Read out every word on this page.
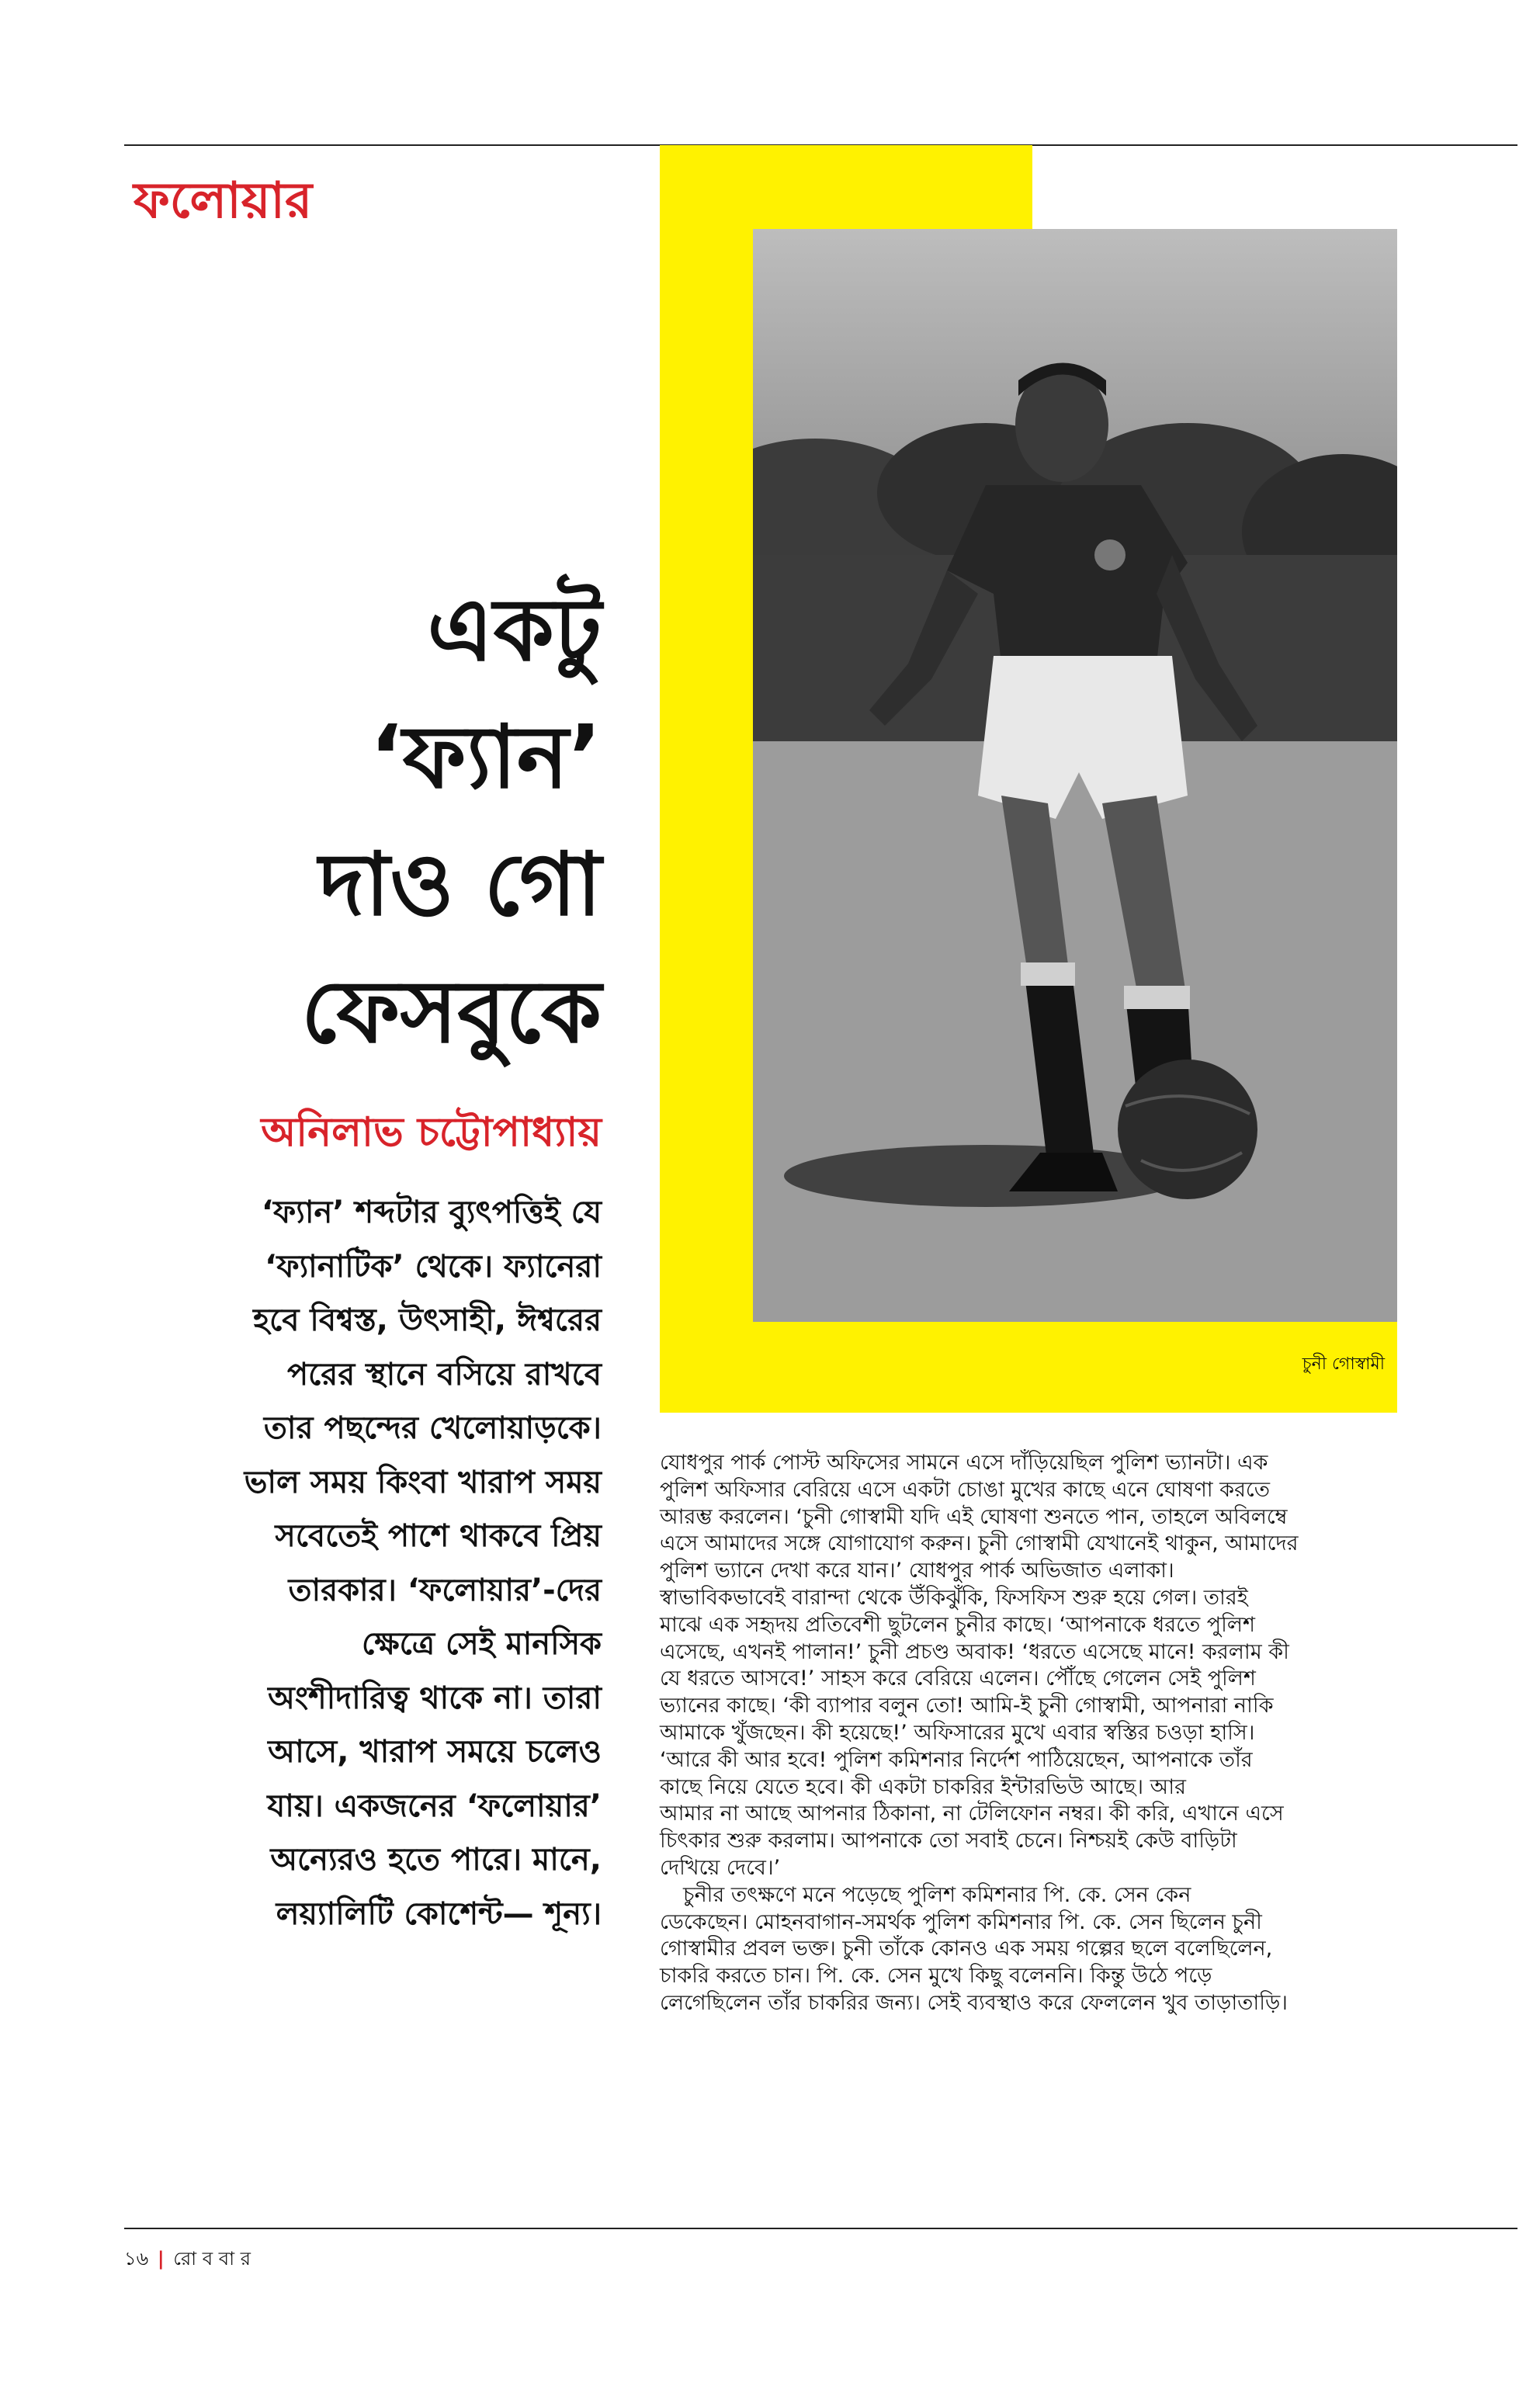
ফলোয়ার
চুনী গোস্বামী
একটু
‘ফ্যান’
দাও গো
ফেসবুকে
অনিলাভ চট্টোপাধ্যায়
‘ফ্যান’ শব্দটার ব্যুৎপত্তিই যে
‘ফ্যানাটিক’ থেকে। ফ্যানেরা
হবে বিশ্বস্ত, উৎসাহী, ঈশ্বরের
পরের স্থানে বসিয়ে রাখবে
তার পছন্দের খেলোয়াড়কে।
ভাল সময় কিংবা খারাপ সময়
সবেতেই পাশে থাকবে প্রিয়
তারকার। ‘ফলোয়ার’-দের
ক্ষেত্রে সেই মানসিক
অংশীদারিত্ব থাকে না। তারা
আসে, খারাপ সময়ে চলেও
যায়। একজনের ‘ফলোয়ার’
অন্যেরও হতে পারে। মানে,
লয়্যালিটি কোশেন্ট— শূন্য।
যোধপুর পার্ক পোস্ট অফিসের সামনে এসে দাঁড়িয়েছিল পুলিশ ভ্যানটা। এক
পুলিশ অফিসার বেরিয়ে এসে একটা চোঙা মুখের কাছে এনে ঘোষণা করতে
আরম্ভ করলেন। ‘চুনী গোস্বামী যদি এই ঘোষণা শুনতে পান, তাহলে অবিলম্বে
এসে আমাদের সঙ্গে যোগাযোগ করুন। চুনী গোস্বামী যেখানেই থাকুন, আমাদের
পুলিশ ভ্যানে দেখা করে যান।’ যোধপুর পার্ক অভিজাত এলাকা।
স্বাভাবিকভাবেই বারান্দা থেকে উঁকিঝুঁকি, ফিসফিস শুরু হয়ে গেল। তারই
মাঝে এক সহৃদয় প্রতিবেশী ছুটলেন চুনীর কাছে। ‘আপনাকে ধরতে পুলিশ
এসেছে, এখনই পালান!’ চুনী প্রচণ্ড অবাক! ‘ধরতে এসেছে মানে! করলাম কী
যে ধরতে আসবে!’ সাহস করে বেরিয়ে এলেন। পৌঁছে গেলেন সেই পুলিশ
ভ্যানের কাছে। ‘কী ব্যাপার বলুন তো! আমি-ই চুনী গোস্বামী, আপনারা নাকি
আমাকে খুঁজছেন। কী হয়েছে!’ অফিসারের মুখে এবার স্বস্তির চওড়া হাসি।
‘আরে কী আর হবে! পুলিশ কমিশনার নির্দেশ পাঠিয়েছেন, আপনাকে তাঁর
কাছে নিয়ে যেতে হবে। কী একটা চাকরির ইন্টারভিউ আছে। আর
আমার না আছে আপনার ঠিকানা, না টেলিফোন নম্বর। কী করি, এখানে এসে
চিৎকার শুরু করলাম। আপনাকে তো সবাই চেনে। নিশ্চয়ই কেউ বাড়িটা
দেখিয়ে দেবে।’
চুনীর তৎক্ষণে মনে পড়েছে পুলিশ কমিশনার পি. কে. সেন কেন
ডেকেছেন। মোহনবাগান-সমর্থক পুলিশ কমিশনার পি. কে. সেন ছিলেন চুনী
গোস্বামীর প্রবল ভক্ত। চুনী তাঁকে কোনও এক সময় গল্পের ছলে বলেছিলেন,
চাকরি করতে চান। পি. কে. সেন মুখে কিছু বলেননি। কিন্তু উঠে পড়ে
লেগেছিলেন তাঁর চাকরির জন্য। সেই ব্যবস্থাও করে ফেললেন খুব তাড়াতাড়ি।
১৬ | রো ব বা র
